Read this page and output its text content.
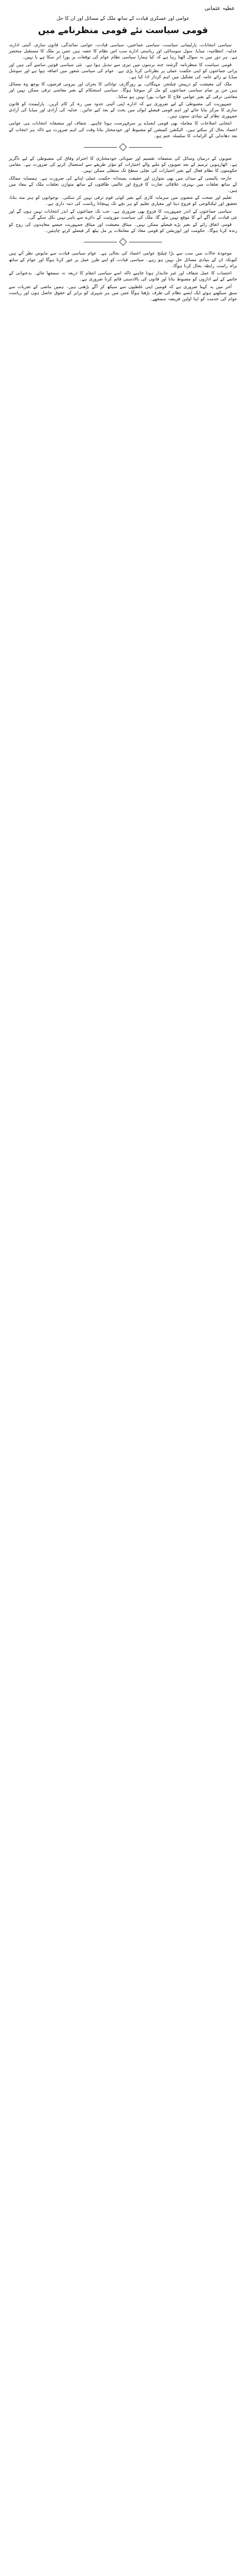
عطیہ عثمانی
عوامی اور عسکری قیادت کے ساتھ ملک کے مسائل اور ان کا حل
قومی سیاست نئے قومی منظرنامے میں

سیاسی انتخابات، پارلیمانی سیاست، سیاسی جماعتیں، سیاسی قیادت، عوامی نمائندگی، قانون سازی، آئینی ادارے، عدلیہ، انتظامیہ، میڈیا، سول سوسائٹی اور ریاستی ادارے سب اس نظام کا حصہ ہیں جس پر ملک کا مستقبل منحصر ہے۔ ہر دور میں یہ سوال اٹھتا رہا ہے کہ کیا ہمارا سیاسی نظام عوام کی توقعات پر پورا اتر سکا ہے یا نہیں۔

قومی سیاست کا منظرنامہ گزشتہ چند برسوں میں تیزی سے تبدیل ہوا ہے۔ نئی سیاسی قوتیں سامنے آئی ہیں اور پرانی جماعتوں کو اپنی حکمت عملی پر نظرثانی کرنا پڑی ہے۔ عوام کی سیاسی شعور میں اضافہ ہوا ہے اور سوشل میڈیا نے رائے عامہ کی تشکیل میں اہم کردار ادا کیا ہے۔

ملک کی معیشت کو درپیش چیلنجز، مہنگائی، بے روزگاری، توانائی کا بحران اور بیرونی قرضوں کا بوجھ وہ مسائل ہیں جن پر تمام سیاسی جماعتوں کو مل کر سوچنا ہوگا۔ سیاسی استحکام کے بغیر معاشی ترقی ممکن نہیں اور معاشی ترقی کے بغیر عوامی فلاح کا خواب پورا نہیں ہو سکتا۔

جمہوریت کی مضبوطی کے لیے ضروری ہے کہ ادارے اپنی آئینی حدود میں رہ کر کام کریں۔ پارلیمنٹ کو قانون سازی کا مرکز بنایا جائے اور اہم قومی فیصلے ایوان میں بحث کے بعد کیے جائیں۔ عدلیہ کی آزادی اور میڈیا کی آزادی جمہوری نظام کے بنیادی ستون ہیں۔

انتخابی اصلاحات کا معاملہ بھی قومی ایجنڈے پر سرفہرست ہونا چاہیے۔ شفاف اور منصفانہ انتخابات ہی عوامی اعتماد بحال کر سکتے ہیں۔ الیکشن کمیشن کو مضبوط اور خودمختار بنانا وقت کی اہم ضرورت ہے تاکہ ہر انتخاب کے بعد دھاندلی کے الزامات کا سلسلہ ختم ہو۔

صوبوں کے درمیان وسائل کی منصفانہ تقسیم اور صوبائی خودمختاری کا احترام وفاق کی مضبوطی کے لیے ناگزیر ہے۔ اٹھارہویں ترمیم کے بعد صوبوں کو ملنے والے اختیارات کو مؤثر طریقے سے استعمال کرنے کی ضرورت ہے۔ مقامی حکومتوں کا نظام فعال کیے بغیر اختیارات کی نچلی سطح تک منتقلی ممکن نہیں۔

خارجہ پالیسی کے میدان میں بھی متوازن اور حقیقت پسندانہ حکمت عملی اپنانے کی ضرورت ہے۔ ہمسایہ ممالک کے ساتھ تعلقات میں بہتری، علاقائی تجارت کا فروغ اور عالمی طاقتوں کے ساتھ متوازن تعلقات ملک کے مفاد میں ہیں۔

تعلیم اور صحت کے شعبوں میں سرمایہ کاری کیے بغیر کوئی قوم ترقی نہیں کر سکتی۔ نوجوانوں کو ہنر مند بنانا، تحقیق اور ٹیکنالوجی کو فروغ دینا اور معیاری تعلیم کو ہر بچے تک پہنچانا ریاست کی ذمہ داری ہے۔

سیاسی جماعتوں کے اندر جمہوریت کا فروغ بھی ضروری ہے۔ جب تک جماعتوں کے اندر انتخابات نہیں ہوں گے اور نئی قیادت کو آگے آنے کا موقع نہیں ملے گا، ملک کی سیاست موروثیت کے دائرے سے باہر نہیں نکل سکے گی۔

قومی اتفاق رائے کے بغیر بڑے فیصلے ممکن نہیں۔ میثاق معیشت اور میثاق جمہوریت جیسے معاہدوں کی روح کو زندہ کرنا ہوگا۔ حکومت اور اپوزیشن کو قومی مفاد کے معاملات پر مل بیٹھ کر فیصلے کرنے چاہئیں۔

موجودہ حالات میں سب سے بڑا چیلنج عوامی اعتماد کی بحالی ہے۔ عوام سیاسی قیادت سے مایوس نظر آتے ہیں کیونکہ ان کے بنیادی مسائل حل نہیں ہو رہے۔ سیاسی قیادت کو اپنے طرز عمل پر غور کرنا ہوگا اور عوام کے ساتھ براہ راست رابطہ بحال کرنا ہوگا۔

احتساب کا عمل شفاف اور غیر جانبدار ہونا چاہیے تاکہ اسے سیاسی انتقام کا ذریعہ نہ سمجھا جائے۔ بدعنوانی کے خاتمے کے لیے اداروں کو مضبوط بنانا اور قانون کی بالادستی قائم کرنا ضروری ہے۔

آخر میں یہ کہنا ضروری ہے کہ قومیں اپنی غلطیوں سے سیکھ کر آگے بڑھتی ہیں۔ ہمیں ماضی کے تجربات سے سبق سیکھتے ہوئے ایک ایسے نظام کی طرف بڑھنا ہوگا جس میں ہر شہری کو برابر کے حقوق حاصل ہوں اور ریاست عوام کی خدمت کو اپنا اولین فریضہ سمجھے۔
